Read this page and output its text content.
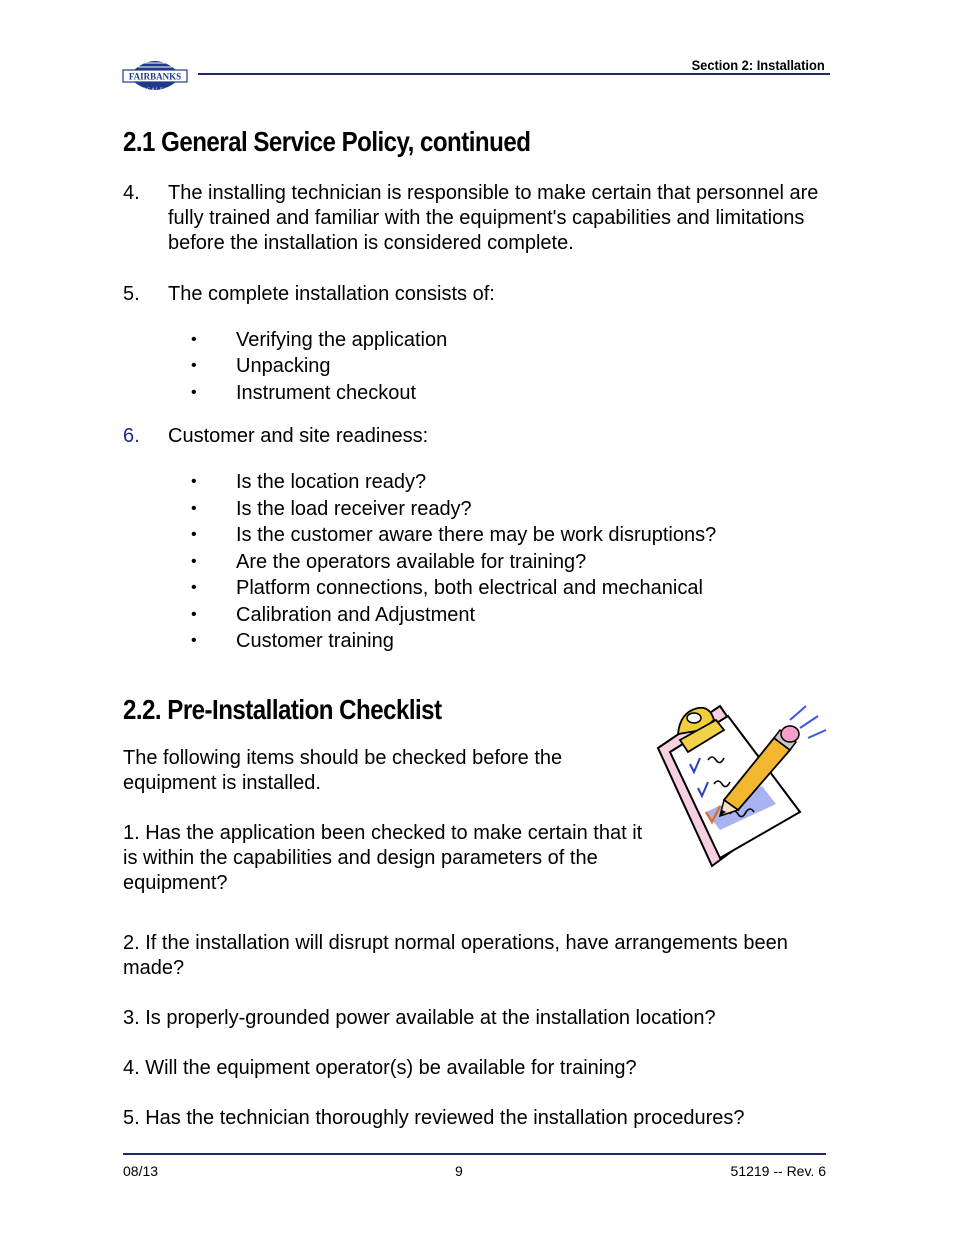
FAIRBANKS
S C A L E S
Section 2: Installation
2.1 General Service Policy, continued
4. The installing technician is responsible to make certain that personnel are fully trained and familiar with the equipment's capabilities and limitations before the installation is considered complete.
5. The complete installation consists of:
• Verifying the application
• Unpacking
• Instrument checkout
6. Customer and site readiness:
• Is the location ready?
• Is the load receiver ready?
• Is the customer aware there may be work disruptions?
• Are the operators available for training?
• Platform connections, both electrical and mechanical
• Calibration and Adjustment
• Customer training
2.2. Pre-Installation Checklist
The following items should be checked before the equipment is installed.
1. Has the application been checked to make certain that it is within the capabilities and design parameters of the equipment?
2. If the installation will disrupt normal operations, have arrangements been made?
3. Is properly-grounded power available at the installation location?
4. Will the equipment operator(s) be available for training?
5. Has the technician thoroughly reviewed the installation procedures?
08/13	9	51219 -- Rev. 6
